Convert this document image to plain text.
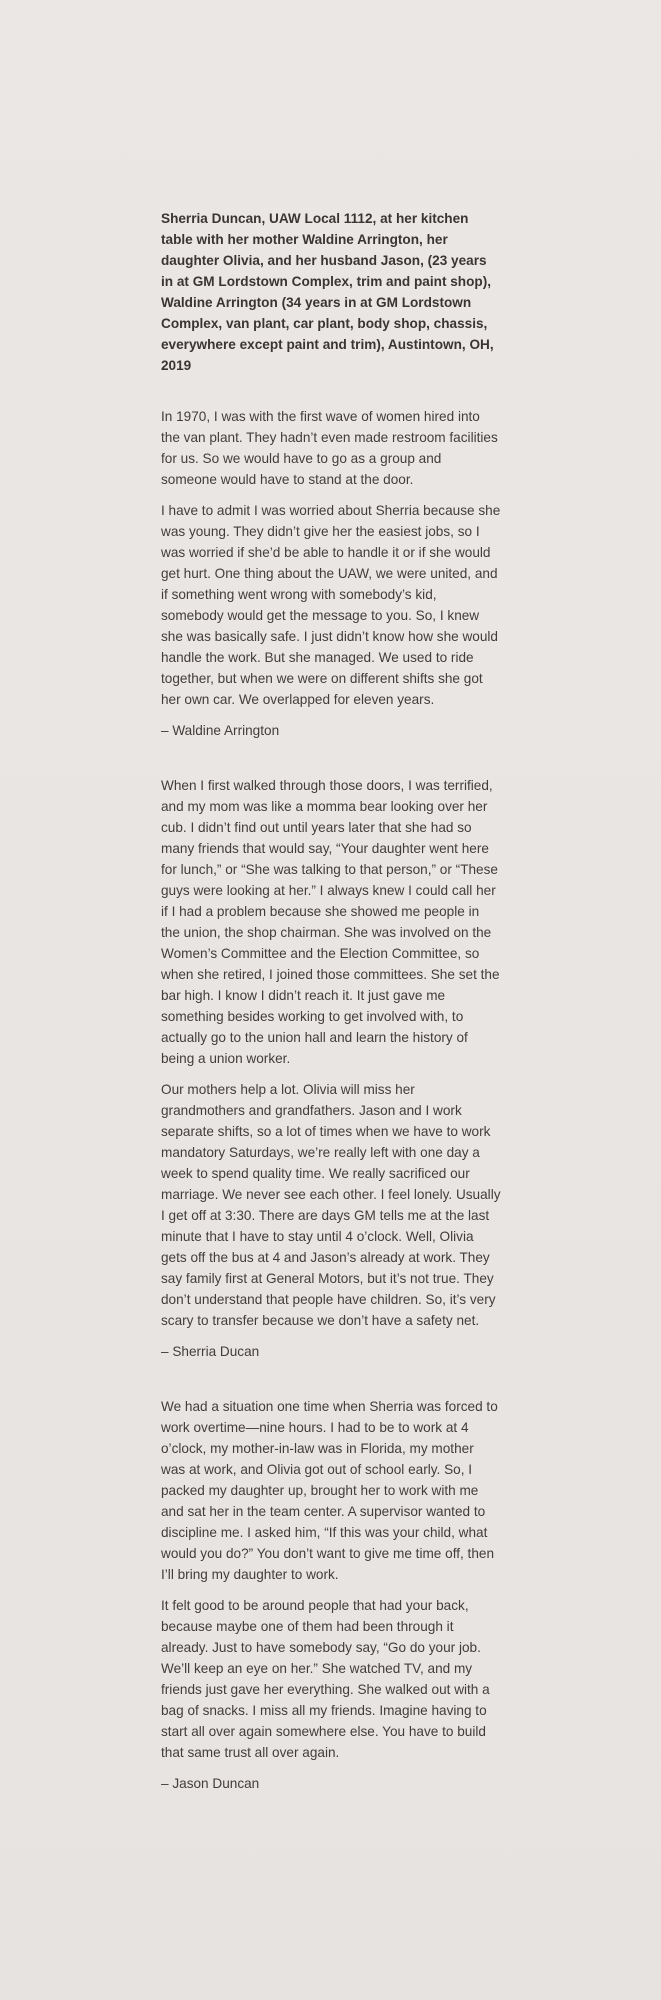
Sherria Duncan, UAW Local 1112, at her kitchen table with her mother Waldine Arrington, her daughter Olivia, and her husband Jason, (23 years in at GM Lordstown Complex, trim and paint shop), Waldine Arrington (34 years in at GM Lordstown Complex, van plant, car plant, body shop, chassis, everywhere except paint and trim), Austintown, OH, 2019

In 1970, I was with the first wave of women hired into the van plant. They hadn’t even made restroom facilities for us. So we would have to go as a group and someone would have to stand at the door.

I have to admit I was worried about Sherria because she was young. They didn’t give her the easiest jobs, so I was worried if she’d be able to handle it or if she would get hurt. One thing about the UAW, we were united, and if something went wrong with somebody’s kid, somebody would get the message to you. So, I knew she was basically safe. I just didn’t know how she would handle the work. But she managed. We used to ride together, but when we were on different shifts she got her own car. We overlapped for eleven years.

– Waldine Arrington

When I first walked through those doors, I was terrified, and my mom was like a momma bear looking over her cub. I didn’t find out until years later that she had so many friends that would say, “Your daughter went here for lunch,” or “She was talking to that person,” or “These guys were looking at her.” I always knew I could call her if I had a problem because she showed me people in the union, the shop chairman. She was involved on the Women’s Committee and the Election Committee, so when she retired, I joined those committees. She set the bar high. I know I didn’t reach it. It just gave me something besides working to get involved with, to actually go to the union hall and learn the history of being a union worker.

Our mothers help a lot. Olivia will miss her grandmothers and grandfathers. Jason and I work separate shifts, so a lot of times when we have to work mandatory Saturdays, we’re really left with one day a week to spend quality time. We really sacrificed our marriage. We never see each other. I feel lonely. Usually I get off at 3:30. There are days GM tells me at the last minute that I have to stay until 4 o’clock. Well, Olivia gets off the bus at 4 and Jason’s already at work. They say family first at General Motors, but it’s not true. They don’t understand that people have children. So, it’s very scary to transfer because we don’t have a safety net.

– Sherria Ducan

We had a situation one time when Sherria was forced to work overtime—nine hours. I had to be to work at 4 o’clock, my mother-in-law was in Florida, my mother was at work, and Olivia got out of school early. So, I packed my daughter up, brought her to work with me and sat her in the team center. A supervisor wanted to discipline me. I asked him, “If this was your child, what would you do?” You don’t want to give me time off, then I’ll bring my daughter to work.

It felt good to be around people that had your back, because maybe one of them had been through it already. Just to have somebody say, “Go do your job. We’ll keep an eye on her.” She watched TV, and my friends just gave her everything. She walked out with a bag of snacks. I miss all my friends. Imagine having to start all over again somewhere else. You have to build that same trust all over again.

– Jason Duncan
